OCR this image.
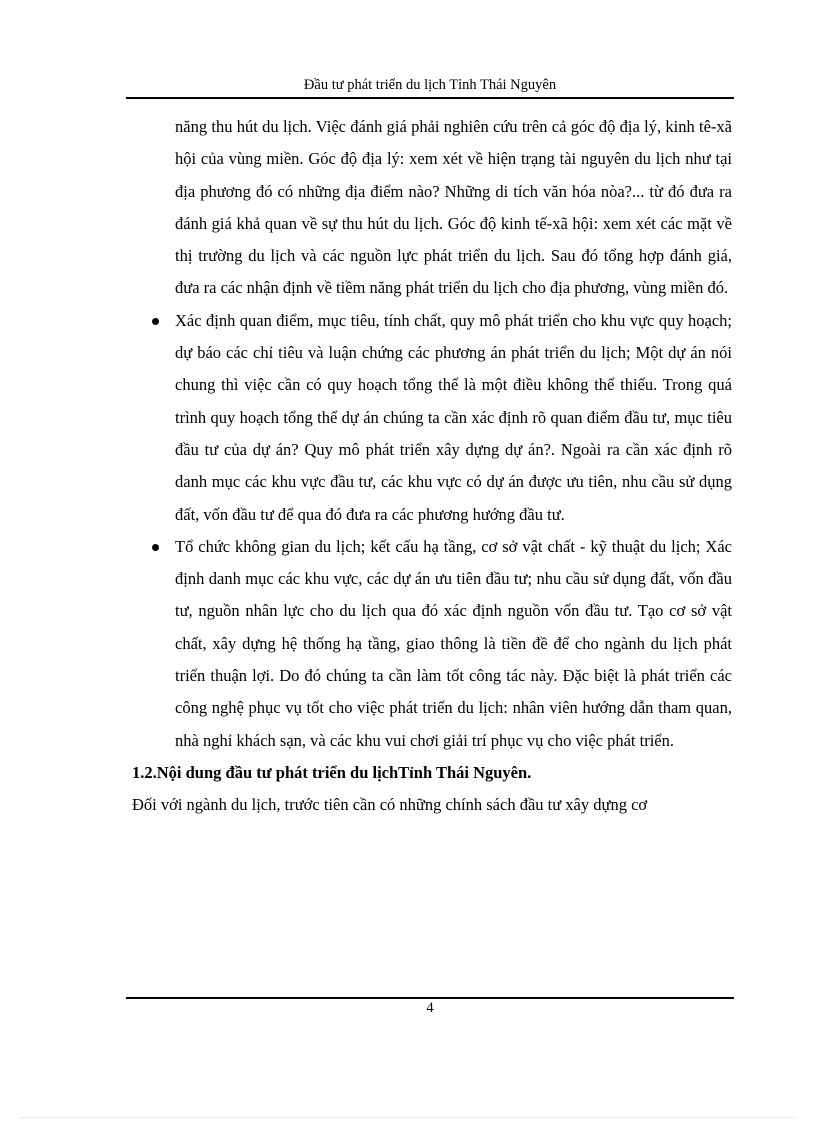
Đầu tư phát triển du lịch Tỉnh Thái Nguyên
năng thu hút du lịch. Việc đánh giá phải nghiên cứu trên cả góc độ địa lý, kinh tê-xã hội của vùng miền. Góc độ địa lý: xem xét về hiện trạng tài nguyên du lịch như tại địa phương đó có những địa điểm nào? Những di tích văn hóa nòa?... từ đó đưa ra đánh giá khả quan về sự thu hút du lịch. Góc độ kinh tế-xã hội: xem xét các mặt về thị trường du lịch và các nguồn lực phát triển du lịch. Sau đó tổng hợp đánh giá, đưa ra các nhận định về tiềm năng phát triển du lịch cho địa phương, vùng miền đó.
Xác định quan điểm, mục tiêu, tính chất, quy mô phát triển cho khu vực quy hoạch; dự báo các chỉ tiêu và luận chứng các phương án phát triển du lịch; Một dự án nói chung thì việc cần có quy hoạch tổng thể là một điều không thể thiếu. Trong quá trình quy hoạch tổng thể dự án chúng ta cần xác định rõ quan điểm đầu tư, mục tiêu đầu tư của dự án? Quy mô phát triển xây dựng dự án?. Ngoài ra cần xác định rõ danh mục các khu vực đầu tư, các khu vực có dự án được ưu tiên, nhu cầu sử dụng đất, vốn đầu tư để qua đó đưa ra các phương hướng đầu tư.
Tổ chức không gian du lịch; kết cấu hạ tầng, cơ sở vật chất - kỹ thuật du lịch; Xác định danh mục các khu vực, các dự án ưu tiên đầu tư; nhu cầu sử dụng đất, vốn đầu tư, nguồn nhân lực cho du lịch qua đó xác định nguồn vốn đầu tư. Tạo cơ sở vật chất, xây dựng hệ thống hạ tầng, giao thông là tiền đề để cho ngành du lịch phát triển thuận lợi. Do đó chúng ta cần làm tốt công tác này. Đặc biệt là phát triển các công nghệ phục vụ tốt cho việc phát triển du lịch: nhân viên hướng dẫn tham quan, nhà nghỉ khách sạn, và các khu vui chơi giải trí phục vụ cho việc phát triển.
1.2.Nội dung đầu tư phát triển du lịchTỉnh Thái Nguyên.
Đối với ngành du lịch, trước tiên cần có những chính sách đầu tư xây dựng cơ
4
